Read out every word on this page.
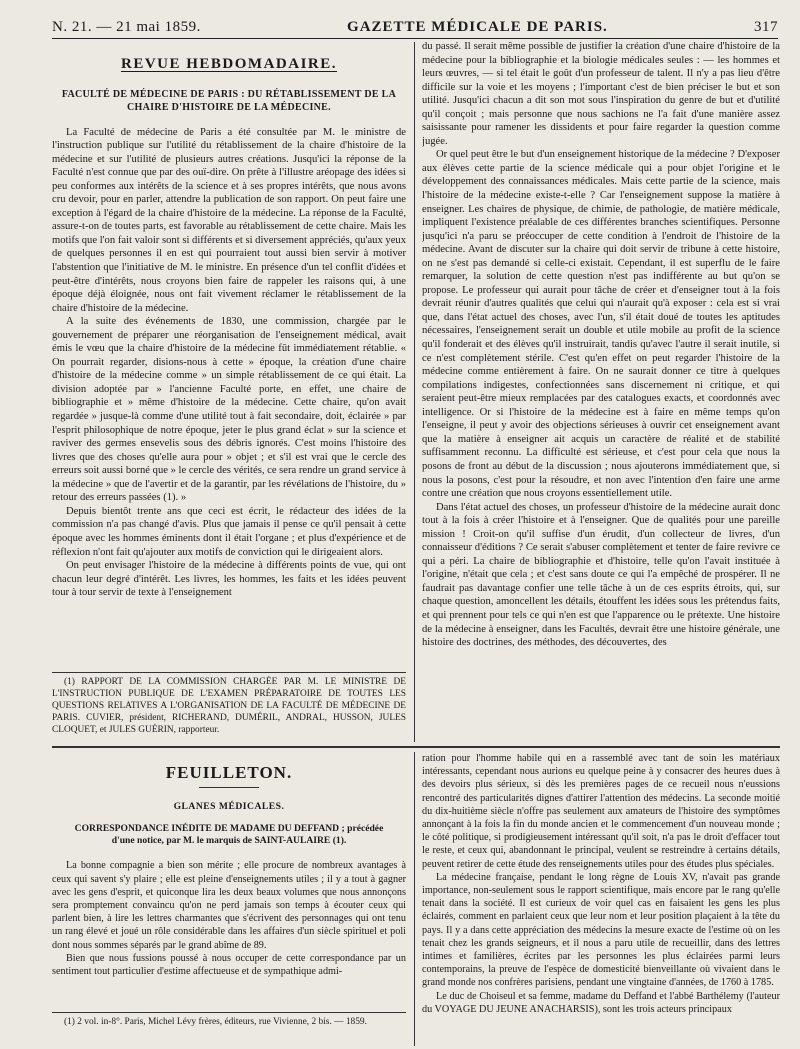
N. 21. — 21 mai 1859.	GAZETTE MÉDICALE DE PARIS.	317
REVUE HEBDOMADAIRE.
FACULTÉ DE MÉDECINE DE PARIS : DU RÉTABLISSEMENT DE LA CHAIRE D'HISTOIRE DE LA MÉDECINE.

La Faculté de médecine de Paris a été consultée par M. le ministre de l'instruction publique sur l'utilité du rétablissement de la chaire d'histoire de la médecine et sur l'utilité de plusieurs autres créations. Jusqu'ici la réponse de la Faculté n'est connue que par des ouï-dire. On prête à l'illustre aréopage des idées si peu conformes aux intérêts de la science et à ses propres intérêts, que nous avons cru devoir, pour en parler, attendre la publication de son rapport. On peut faire une exception à l'égard de la chaire d'histoire de la médecine. La réponse de la Faculté, assure-t-on de toutes parts, est favorable au rétablissement de cette chaire. Mais les motifs que l'on fait valoir sont si différents et si diversement appréciés, qu'aux yeux de quelques personnes il en est qui pourraient tout aussi bien servir à motiver l'abstention que l'initiative de M. le ministre. En présence d'un tel conflit d'idées et peut-être d'intérêts, nous croyons bien faire de rappeler les raisons qui, à une époque déjà éloignée, nous ont fait vivement réclamer le rétablissement de la chaire d'histoire de la médecine.

A la suite des événements de 1830, une commission, chargée par le gouvernement de préparer une réorganisation de l'enseignement médical, avait émis le vœu que la chaire d'histoire de la médecine fût immédiatement rétablie. « On pourrait regarder, disions-nous à cette » époque, la création d'une chaire d'histoire de la médecine comme » un simple rétablissement de ce qui était. La division adoptée par » l'ancienne Faculté porte, en effet, une chaire de bibliographie et » même d'histoire de la médecine. Cette chaire, qu'on avait regardée » jusque-là comme d'une utilité tout à fait secondaire, doit, éclairée » par l'esprit philosophique de notre époque, jeter le plus grand éclat » sur la science et raviver des germes ensevelis sous des débris ignorés. C'est moins l'histoire des livres que des choses qu'elle aura pour » objet ; et s'il est vrai que le cercle des erreurs soit aussi borné que » le cercle des vérités, ce sera rendre un grand service à la médecine » que de l'avertir et de la garantir, par les révélations de l'histoire, du » retour des erreurs passées (1). »

Depuis bientôt trente ans que ceci est écrit, le rédacteur des idées de la commission n'a pas changé d'avis. Plus que jamais il pense ce qu'il pensait à cette époque avec les hommes éminents dont il était l'organe ; et plus d'expérience et de réflexion n'ont fait qu'ajouter aux motifs de conviction qui le dirigeaient alors.

On peut envisager l'histoire de la médecine à différents points de vue, qui ont chacun leur degré d'intérêt. Les livres, les hommes, les faits et les idées peuvent tour à tour servir de texte à l'enseignement

(1) RAPPORT DE LA COMMISSION CHARGÉE PAR M. LE MINISTRE DE L'INSTRUCTION PUBLIQUE DE L'EXAMEN PRÉPARATOIRE DE TOUTES LES QUESTIONS RELATIVES A L'ORGANISATION DE LA FACULTÉ DE MÉDECINE DE PARIS. CUVIER, président, RICHERAND, DUMÉRIL, ANDRAL, HUSSON, JULES CLOQUET, et JULES GUÉRIN, rapporteur.

du passé. Il serait même possible de justifier la création d'une chaire d'histoire de la médecine pour la bibliographie et la biologie médicales seules : — les hommes et leurs œuvres, — si tel était le goût d'un professeur de talent. Il n'y a pas lieu d'être difficile sur la voie et les moyens ; l'important c'est de bien préciser le but et son utilité. Jusqu'ici chacun a dit son mot sous l'inspiration du genre de but et d'utilité qu'il conçoit ; mais personne que nous sachions ne l'a fait d'une manière assez saisissante pour ramener les dissidents et pour faire regarder la question comme jugée.

Or quel peut être le but d'un enseignement historique de la médecine ? D'exposer aux élèves cette partie de la science médicale qui a pour objet l'origine et le développement des connaissances médicales. Mais cette partie de la science, mais l'histoire de la médecine existe-t-elle ? Car l'enseignement suppose la matière à enseigner. Les chaires de physique, de chimie, de pathologie, de matière médicale, impliquent l'existence préalable de ces différentes branches scientifiques. Personne jusqu'ici n'a paru se préoccuper de cette condition à l'endroit de l'histoire de la médecine. Avant de discuter sur la chaire qui doit servir de tribune à cette histoire, on ne s'est pas demandé si celle-ci existait. Cependant, il est superflu de le faire remarquer, la solution de cette question n'est pas indifférente au but qu'on se propose. Le professeur qui aurait pour tâche de créer et d'enseigner tout à la fois devrait réunir d'autres qualités que celui qui n'aurait qu'à exposer : cela est si vrai que, dans l'état actuel des choses, avec l'un, s'il était doué de toutes les aptitudes nécessaires, l'enseignement serait un double et utile mobile au profit de la science qu'il fonderait et des élèves qu'il instruirait, tandis qu'avec l'autre il serait inutile, si ce n'est complètement stérile. C'est qu'en effet on peut regarder l'histoire de la médecine comme entièrement à faire. On ne saurait donner ce titre à quelques compilations indigestes, confectionnées sans discernement ni critique, et qui seraient peut-être mieux remplacées par des catalogues exacts, et coordonnés avec intelligence. Or si l'histoire de la médecine est à faire en même temps qu'on l'enseigne, il peut y avoir des objections sérieuses à ouvrir cet enseignement avant que la matière à enseigner ait acquis un caractère de réalité et de stabilité suffisamment reconnu. La difficulté est sérieuse, et c'est pour cela que nous la posons de front au début de la discussion ; nous ajouterons immédiatement que, si nous la posons, c'est pour la résoudre, et non avec l'intention d'en faire une arme contre une création que nous croyons essentiellement utile.

Dans l'état actuel des choses, un professeur d'histoire de la médecine aurait donc tout à la fois à créer l'histoire et à l'enseigner. Que de qualités pour une pareille mission ! Croit-on qu'il suffise d'un érudit, d'un collecteur de livres, d'un connaisseur d'éditions ? Ce serait s'abuser complètement et tenter de faire revivre ce qui a péri. La chaire de bibliographie et d'histoire, telle qu'on l'avait instituée à l'origine, n'était que cela ; et c'est sans doute ce qui l'a empêché de prospérer. Il ne faudrait pas davantage confier une telle tâche à un de ces esprits étroits, qui, sur chaque question, amoncellent les détails, étouffent les idées sous les prétendus faits, et qui prennent pour tels ce qui n'en est que l'apparence ou le prétexte. Une histoire de la médecine à enseigner, dans les Facultés, devrait être une histoire générale, une histoire des doctrines, des méthodes, des découvertes, des

FEUILLETON.
GLANES MÉDICALES.
CORRESPONDANCE INÉDITE DE MADAME DU DEFFAND ; précédée d'une notice, par M. le marquis de SAINT-AULAIRE (1).

La bonne compagnie a bien son mérite ; elle procure de nombreux avantages à ceux qui savent s'y plaire ; elle est pleine d'enseignements utiles ; il y a tout à gagner avec les gens d'esprit, et quiconque lira les deux beaux volumes que nous annonçons sera promptement convaincu qu'on ne perd jamais son temps à écouter ceux qui parlent bien, à lire les lettres charmantes que s'écrivent des personnages qui ont tenu un rang élevé et joué un rôle considérable dans les affaires d'un siècle spirituel et poli dont nous sommes séparés par le grand abîme de 89.

Bien que nous fussions poussé à nous occuper de cette correspondance par un sentiment tout particulier d'estime affectueuse et de sympathique admi-

(1) 2 vol. in-8°. Paris, Michel Lévy frères, éditeurs, rue Vivienne, 2 bis. — 1859.

ration pour l'homme habile qui en a rassemblé avec tant de soin les matériaux intéressants, cependant nous aurions eu quelque peine à y consacrer des heures dues à des devoirs plus sérieux, si dès les premières pages de ce recueil nous n'eussions rencontré des particularités dignes d'attirer l'attention des médecins. La seconde moitié du dix-huitième siècle n'offre pas seulement aux amateurs de l'histoire des symptômes annonçant à la fois la fin du monde ancien et le commencement d'un nouveau monde ; le côté politique, si prodigieusement intéressant qu'il soit, n'a pas le droit d'effacer tout le reste, et ceux qui, abandonnant le principal, veulent se restreindre à certains détails, peuvent retirer de cette étude des renseignements utiles pour des études plus spéciales.

La médecine française, pendant le long règne de Louis XV, n'avait pas grande importance, non-seulement sous le rapport scientifique, mais encore par le rang qu'elle tenait dans la société. Il est curieux de voir quel cas en faisaient les gens les plus éclairés, comment en parlaient ceux que leur nom et leur position plaçaient à la tête du pays. Il y a dans cette appréciation des médecins la mesure exacte de l'estime où on les tenait chez les grands seigneurs, et il nous a paru utile de recueillir, dans des lettres intimes et familières, écrites par les personnes les plus éclairées parmi leurs contemporains, la preuve de l'espèce de domesticité bienveillante où vivaient dans le grand monde nos confrères parisiens, pendant une vingtaine d'années, de 1760 à 1785.

Le duc de Choiseul et sa femme, madame du Deffand et l'abbé Barthélemy (l'auteur du VOYAGE DU JEUNE ANACHARSIS), sont les trois acteurs principaux
